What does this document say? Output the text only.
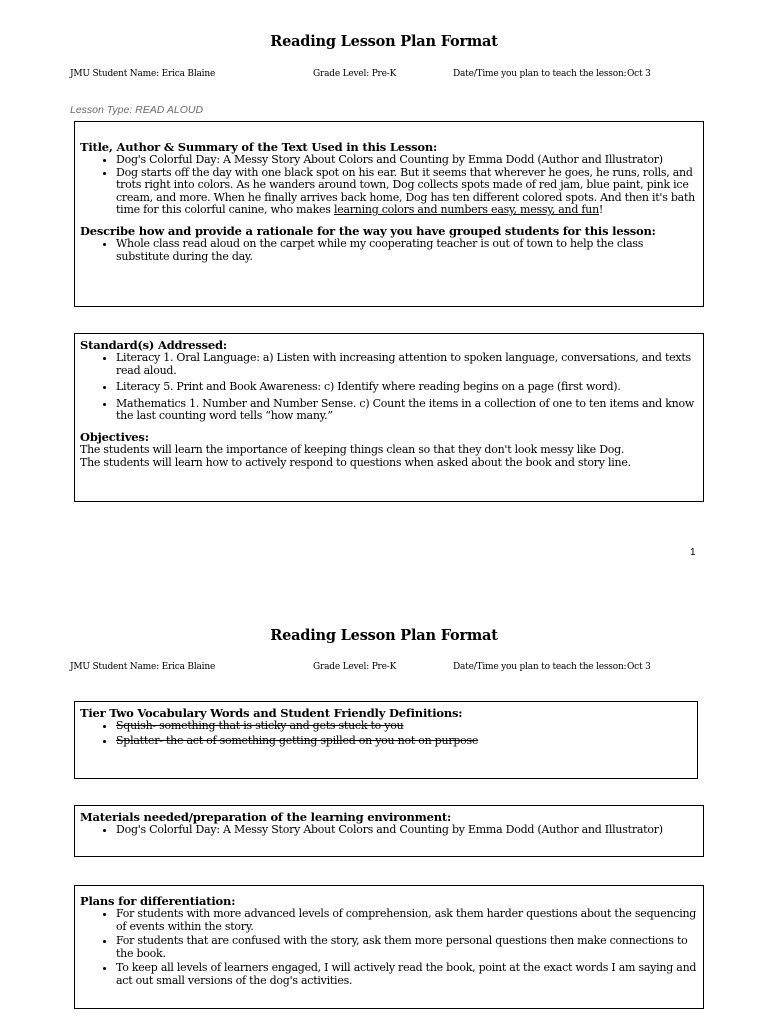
Reading Lesson Plan Format
JMU Student Name: Erica Blaine	Grade Level: Pre-K	Date/Time you plan to teach the lesson: Oct 3
Lesson Type: READ ALOUD
Title, Author & Summary of the Text Used in this Lesson:
• Dog's Colorful Day: A Messy Story About Colors and Counting by Emma Dodd (Author and Illustrator)
• Dog starts off the day with one black spot on his ear. But it seems that wherever he goes, he runs, rolls, and trots right into colors. As he wanders around town, Dog collects spots made of red jam, blue paint, pink ice cream, and more. When he finally arrives back home, Dog has ten different colored spots. And then it's bath time for this colorful canine, who makes learning colors and numbers easy, messy, and fun!
Describe how and provide a rationale for the way you have grouped students for this lesson:
• Whole class read aloud on the carpet while my cooperating teacher is out of town to help the class substitute during the day.
Standard(s) Addressed:
• Literacy 1. Oral Language: a) Listen with increasing attention to spoken language, conversations, and texts read aloud.
• Literacy 5. Print and Book Awareness: c) Identify where reading begins on a page (first word).
• Mathematics 1. Number and Number Sense. c) Count the items in a collection of one to ten items and know the last counting word tells “how many.”
Objectives:

The students will learn the importance of keeping things clean so that they don't look messy like Dog.

The students will learn how to actively respond to questions when asked about the book and story line.

1
Reading Lesson Plan Format
JMU Student Name: Erica Blaine	Grade Level: Pre-K	Date/Time you plan to teach the lesson: Oct 3
Tier Two Vocabulary Words and Student Friendly Definitions:
• Squish- something that is sticky and gets stuck to you
• Splatter- the act of something getting spilled on you not on purpose
Materials needed/preparation of the learning environment:
• Dog's Colorful Day: A Messy Story About Colors and Counting by Emma Dodd (Author and Illustrator)
Plans for differentiation:
• For students with more advanced levels of comprehension, ask them harder questions about the sequencing of events within the story.
• For students that are confused with the story, ask them more personal questions then make connections to the book.
• To keep all levels of learners engaged, I will actively read the book, point at the exact words I am saying and act out small versions of the dog's activities.
